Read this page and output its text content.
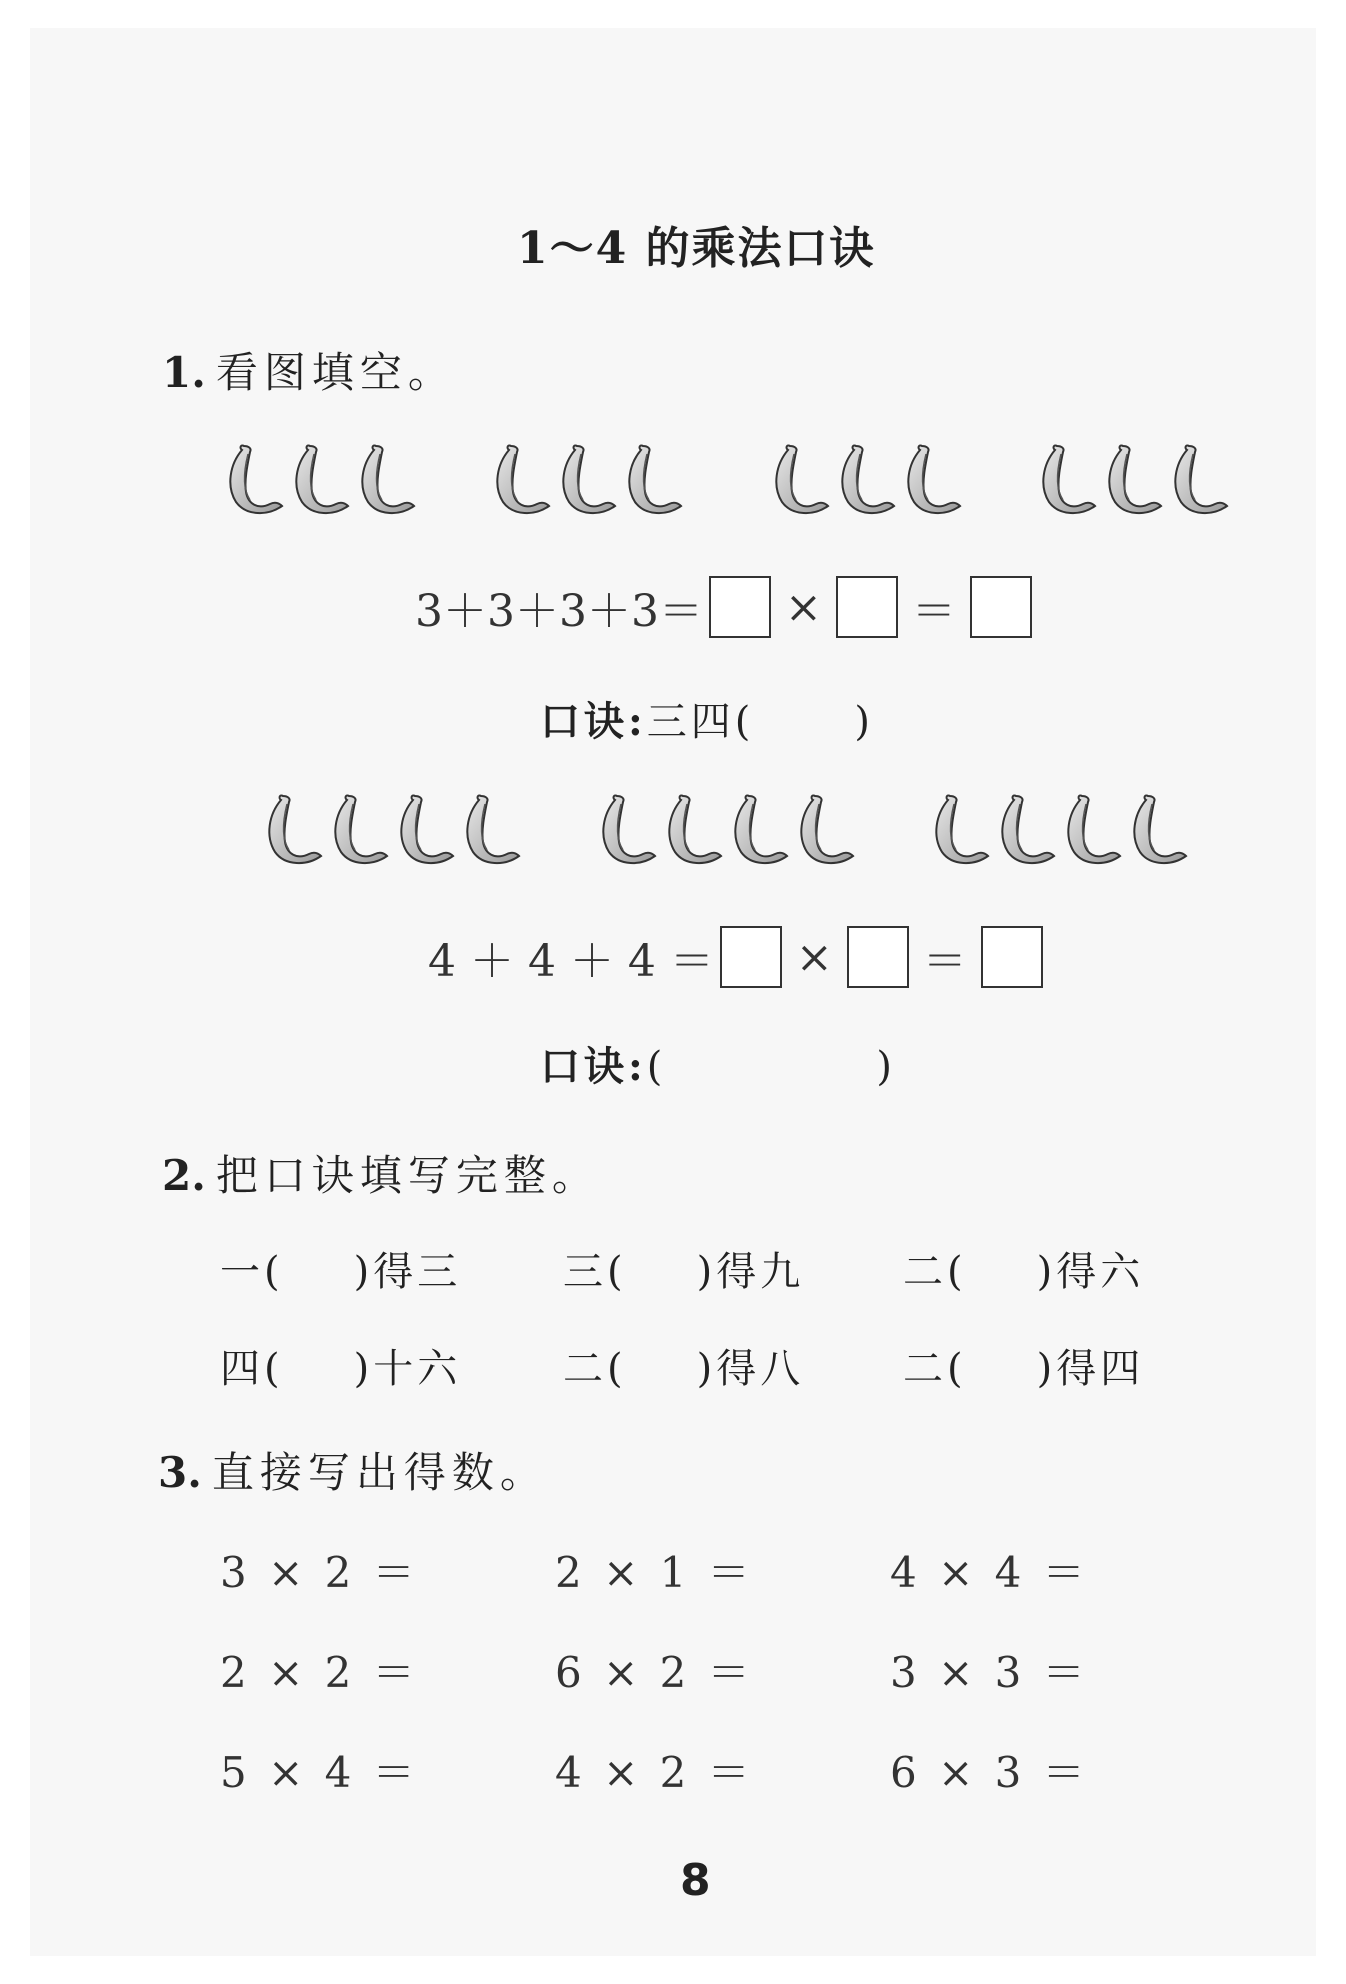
1～4 的乘法口诀
1. 看图填空。
3＋3＋3＋3＝ × ＝
口诀:三四(	)
4 ＋ 4 ＋ 4 ＝ × ＝
口诀:(	)
2. 把口诀填写完整。
一( )得三	三( )得九 二( )得六
四( )十六	二( )得八 二( )得四
3. 直接写出得数。
3 × 2 ＝	2 × 1 ＝	4 × 4 ＝
2 × 2 ＝	6 × 2 ＝	3 × 3 ＝
5 × 4 ＝	4 × 2 ＝	6 × 3 ＝
8
